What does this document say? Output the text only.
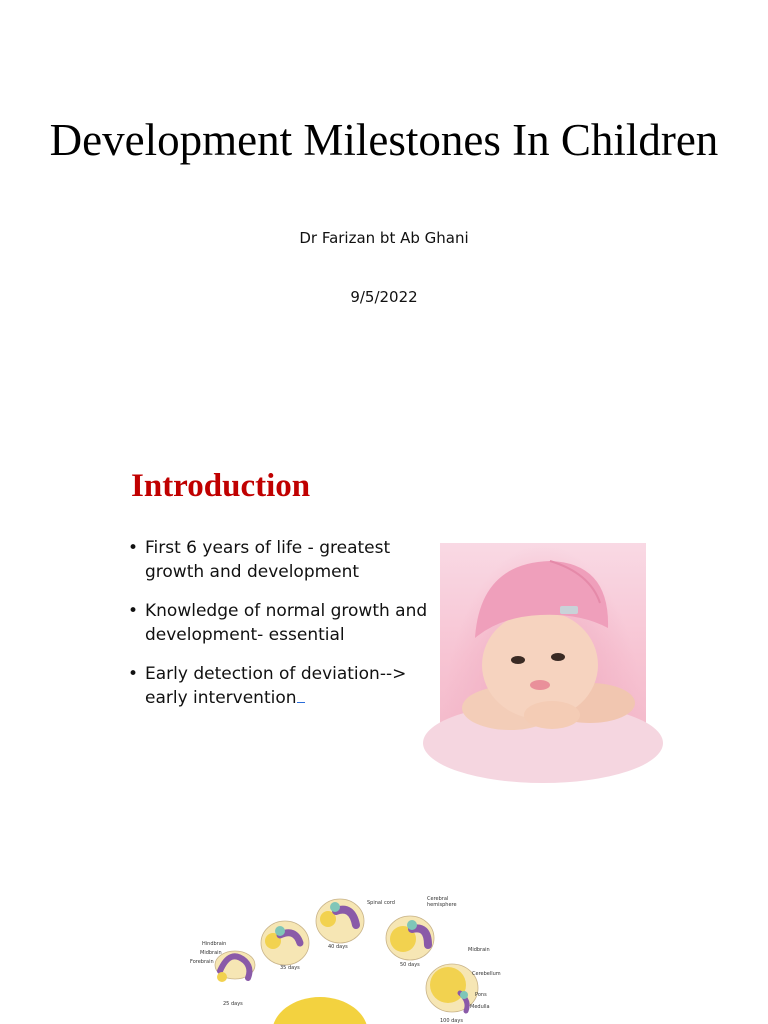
Development Milestones In Children
Dr Farizan bt Ab Ghani
9/5/2022
Introduction
• First 6 years of life - greatest growth and development
• Knowledge of normal growth and development- essential
• Early detection of deviation--> early intervention
25 days
Hindbrain
Midbrain
Forebrain
35 days
40 days
Spinal cord
50 days
Cerebral
hemisphere
100 days
Midbrain
Cerebellum
Pons
Medulla
